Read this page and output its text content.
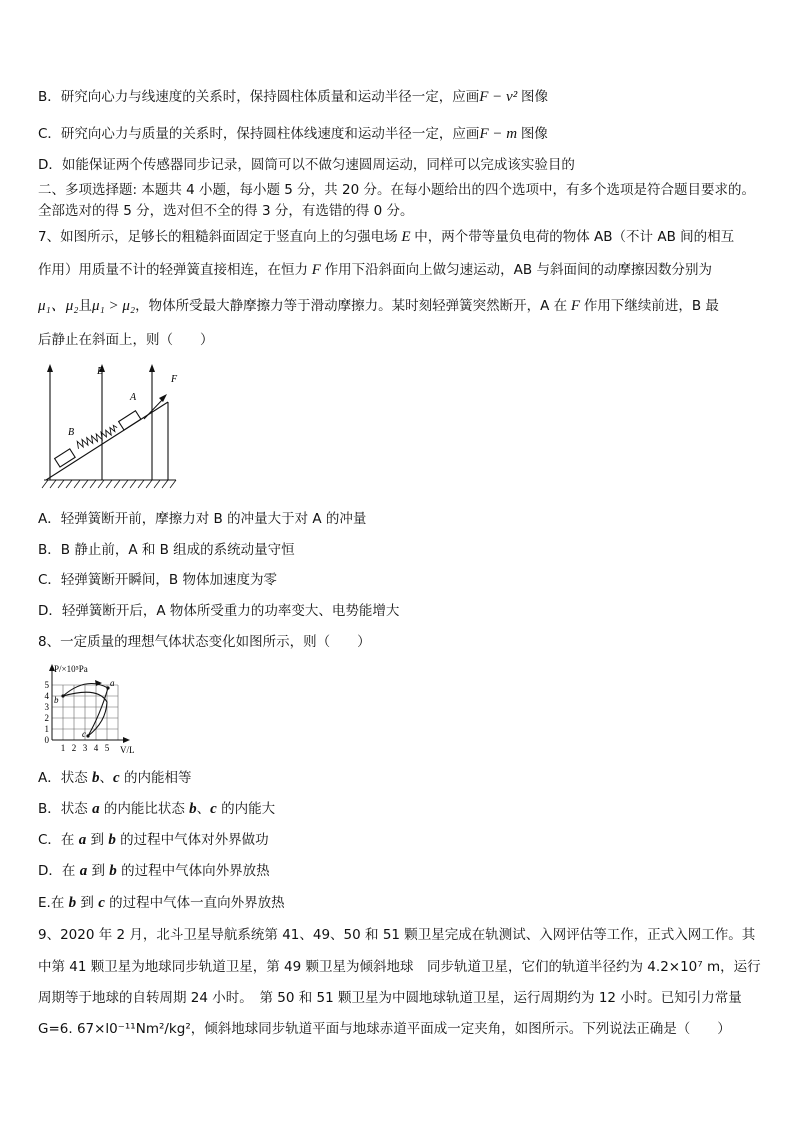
B．研究向心力与线速度的关系时，保持圆柱体质量和运动半径一定，应画F − v² 图像
C．研究向心力与质量的关系时，保持圆柱体线速度和运动半径一定，应画F − m 图像
D．如能保证两个传感器同步记录，圆筒可以不做匀速圆周运动，同样可以完成该实验目的
二、多项选择题: 本题共 4 小题，每小题 5 分，共 20 分。在每小题给出的四个选项中，有多个选项是符合题目要求的。
全部选对的得 5 分，选对但不全的得 3 分，有选错的得 0 分。
7、如图所示，足够长的粗糙斜面固定于竖直向上的匀强电场 E 中，两个带等量负电荷的物体 AB（不计 AB 间的相互
作用）用质量不计的轻弹簧直接相连，在恒力 F 作用下沿斜面向上做匀速运动，AB 与斜面间的动摩擦因数分别为
μ₁、μ₂且μ₁ > μ₂，物体所受最大静摩擦力等于滑动摩擦力。某时刻轻弹簧突然断开，A 在 F 作用下继续前进，B 最
后静止在斜面上，则（　　）
E
F
A
B
A．轻弹簧断开前，摩擦力对 B 的冲量大于对 A 的冲量
B．B 静止前，A 和 B 组成的系统动量守恒
C．轻弹簧断开瞬间，B 物体加速度为零
D．轻弹簧断开后，A 物体所受重力的功率变大、电势能增大
8、一定质量的理想气体状态变化如图所示，则（　　）
P/×10⁵Pa
V/L
5
4
3
2
1
0
1 2 3 4 5
a
b
c
A．状态 b、c 的内能相等
B．状态 a 的内能比状态 b、c 的内能大
C．在 a 到 b 的过程中气体对外界做功
D．在 a 到 b 的过程中气体向外界放热
E.在 b 到 c 的过程中气体一直向外界放热
9、2020 年 2 月，北斗卫星导航系统第 41、49、50 和 51 颗卫星完成在轨测试、入网评估等工作，正式入网工作。其
中第 41 颗卫星为地球同步轨道卫星，第 49 颗卫星为倾斜地球　同步轨道卫星，它们的轨道半径约为 4.2×10⁷ m，运行
周期等于地球的自转周期 24 小时。　第 50 和 51 颗卫星为中圆地球轨道卫星，运行周期约为 12 小时。已知引力常量
G=6. 67×l0⁻¹¹Nm²/kg²，倾斜地球同步轨道平面与地球赤道平面成一定夹角，如图所示。下列说法正确是（　　）
